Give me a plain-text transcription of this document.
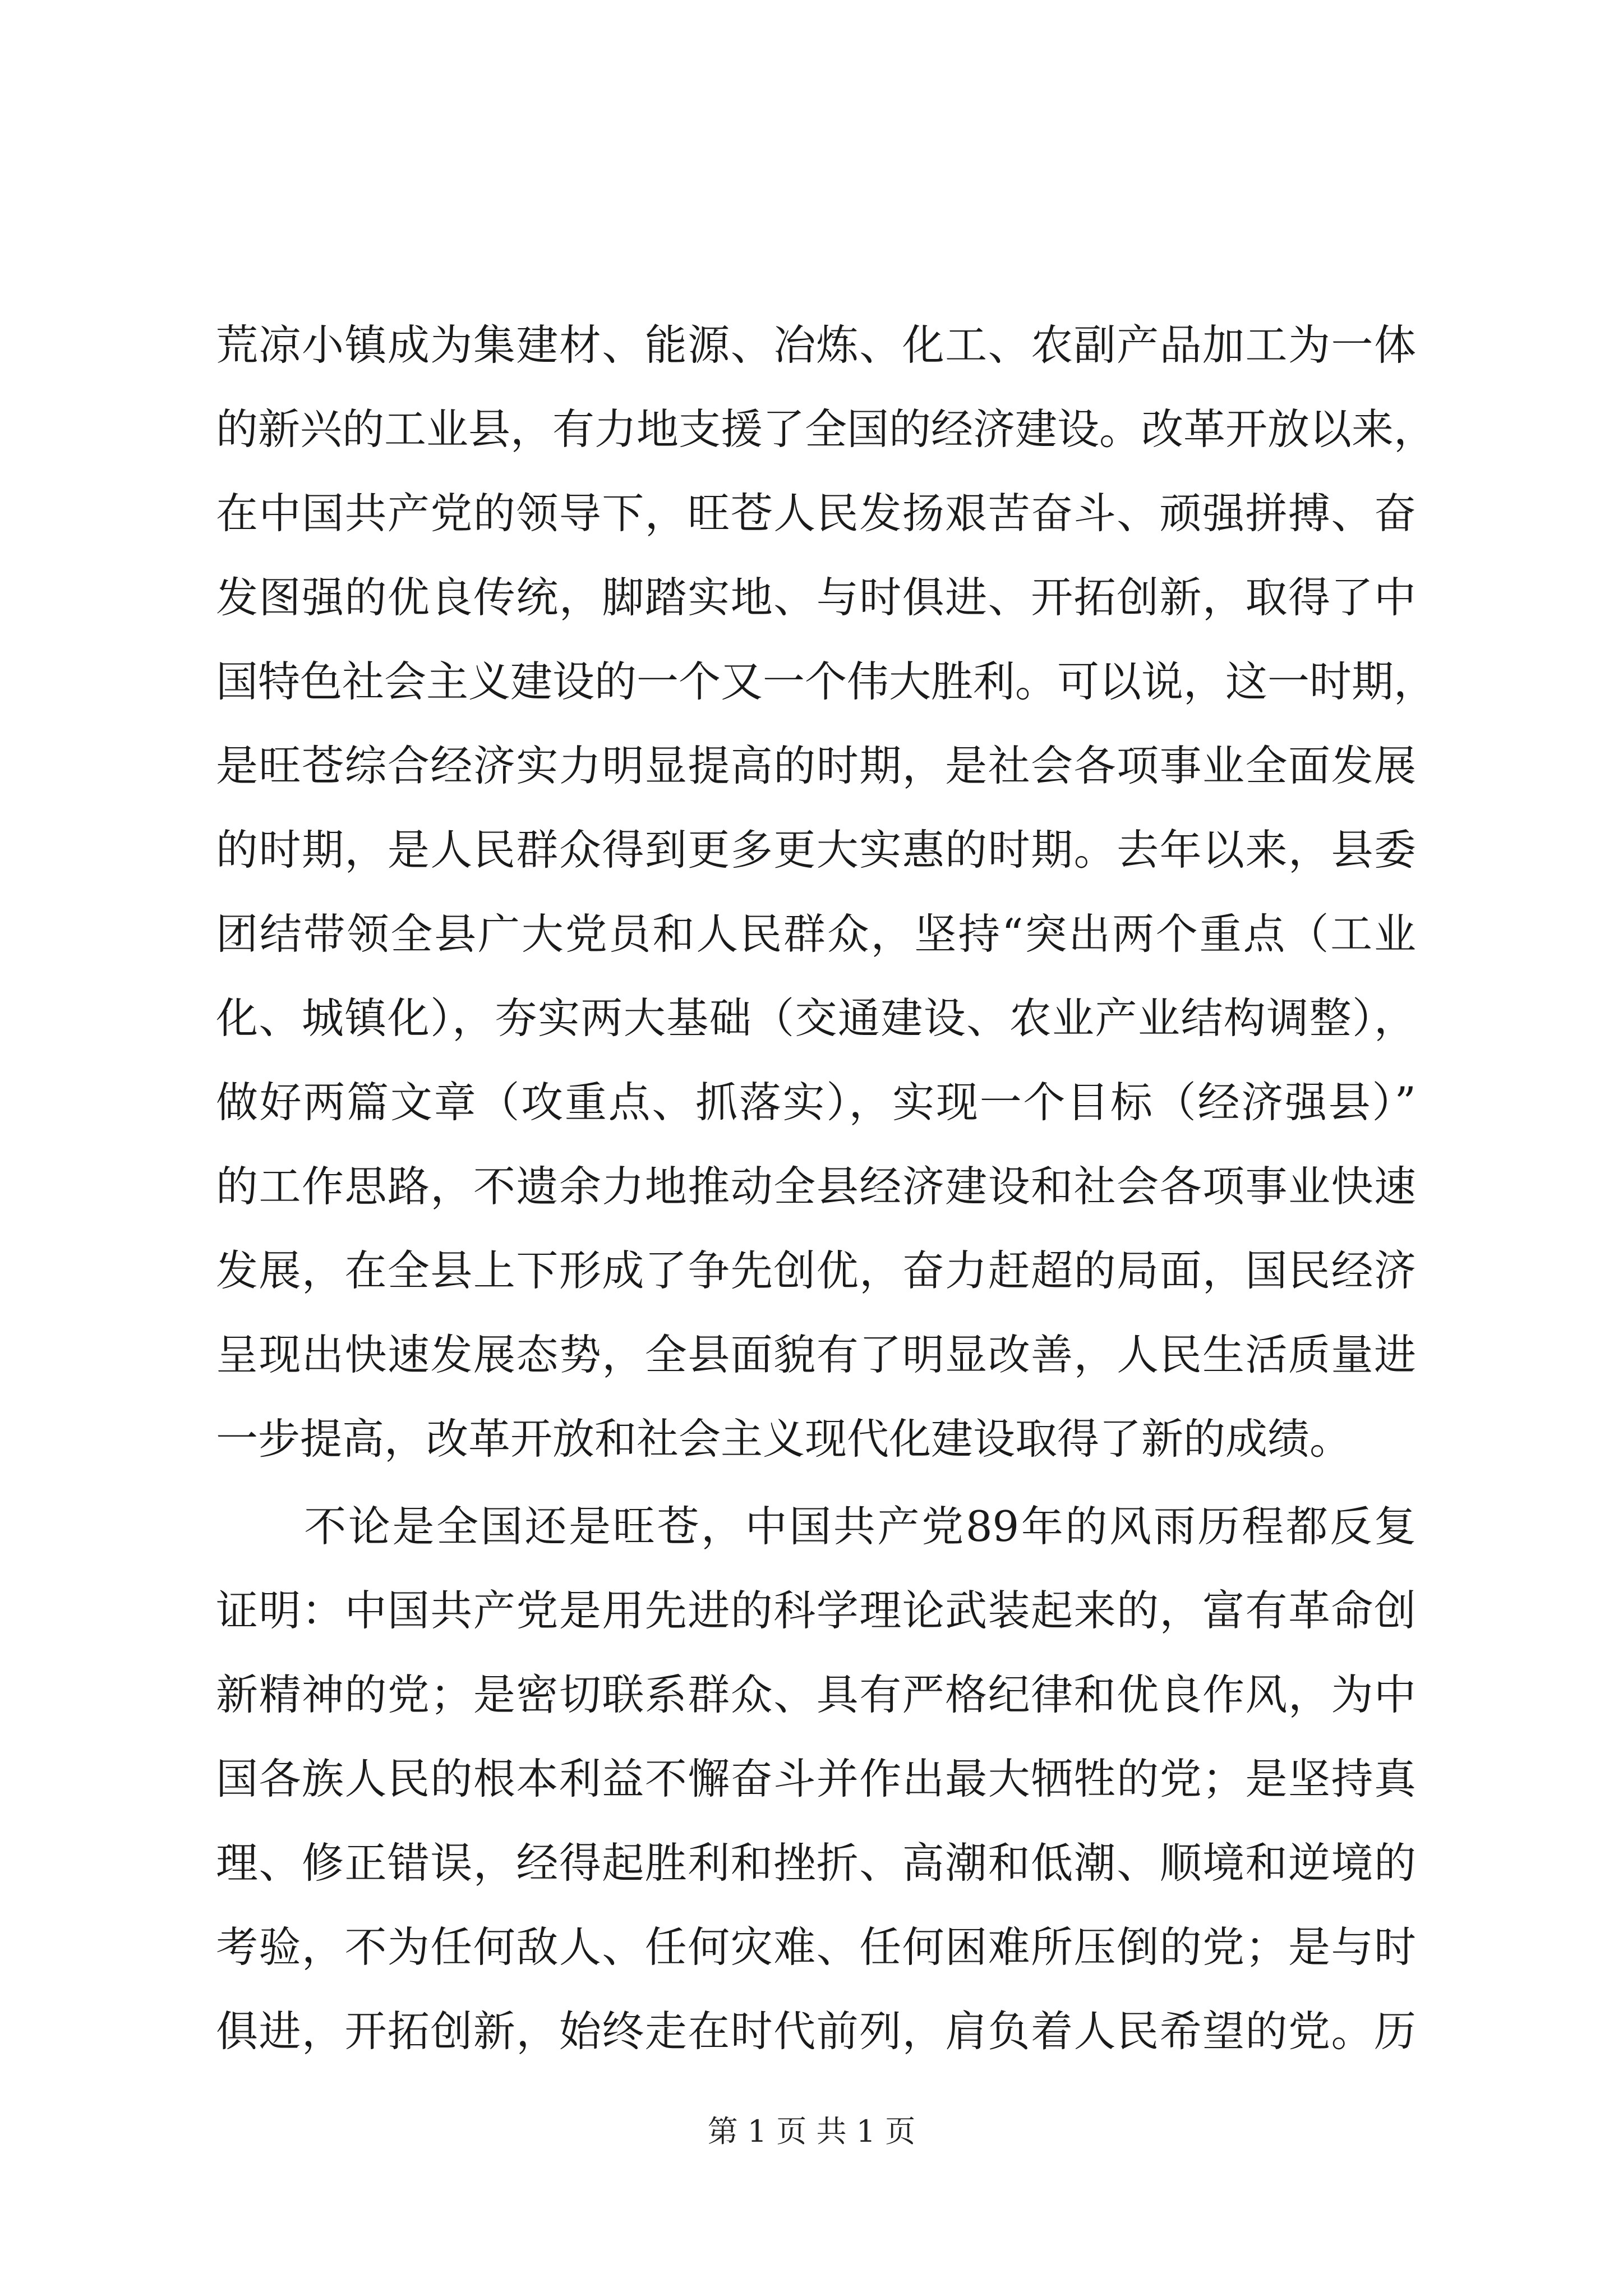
荒凉小镇成为集建材、能源、冶炼、化工、农副产品加工为一体
的新兴的工业县，有力地支援了全国的经济建设。改革开放以来，
在中国共产党的领导下，旺苍人民发扬艰苦奋斗、顽强拼搏、奋
发图强的优良传统，脚踏实地、与时俱进、开拓创新，取得了中
国特色社会主义建设的一个又一个伟大胜利。可以说，这一时期，
是旺苍综合经济实力明显提高的时期，是社会各项事业全面发展
的时期，是人民群众得到更多更大实惠的时期。去年以来，县委
团结带领全县广大党员和人民群众，坚持“突出两个重点（工业
化、城镇化），夯实两大基础（交通建设、农业产业结构调整），
做好两篇文章（攻重点、抓落实），实现一个目标（经济强县）”
的工作思路，不遗余力地推动全县经济建设和社会各项事业快速
发展，在全县上下形成了争先创优，奋力赶超的局面，国民经济
呈现出快速发展态势，全县面貌有了明显改善，人民生活质量进
一步提高，改革开放和社会主义现代化建设取得了新的成绩。
　　不论是全国还是旺苍，中国共产党89年的风雨历程都反复
证明：中国共产党是用先进的科学理论武装起来的，富有革命创
新精神的党；是密切联系群众、具有严格纪律和优良作风，为中
国各族人民的根本利益不懈奋斗并作出最大牺牲的党；是坚持真
理、修正错误，经得起胜利和挫折、高潮和低潮、顺境和逆境的
考验，不为任何敌人、任何灾难、任何困难所压倒的党；是与时
俱进，开拓创新，始终走在时代前列，肩负着人民希望的党。历
第 1 页 共 1 页
